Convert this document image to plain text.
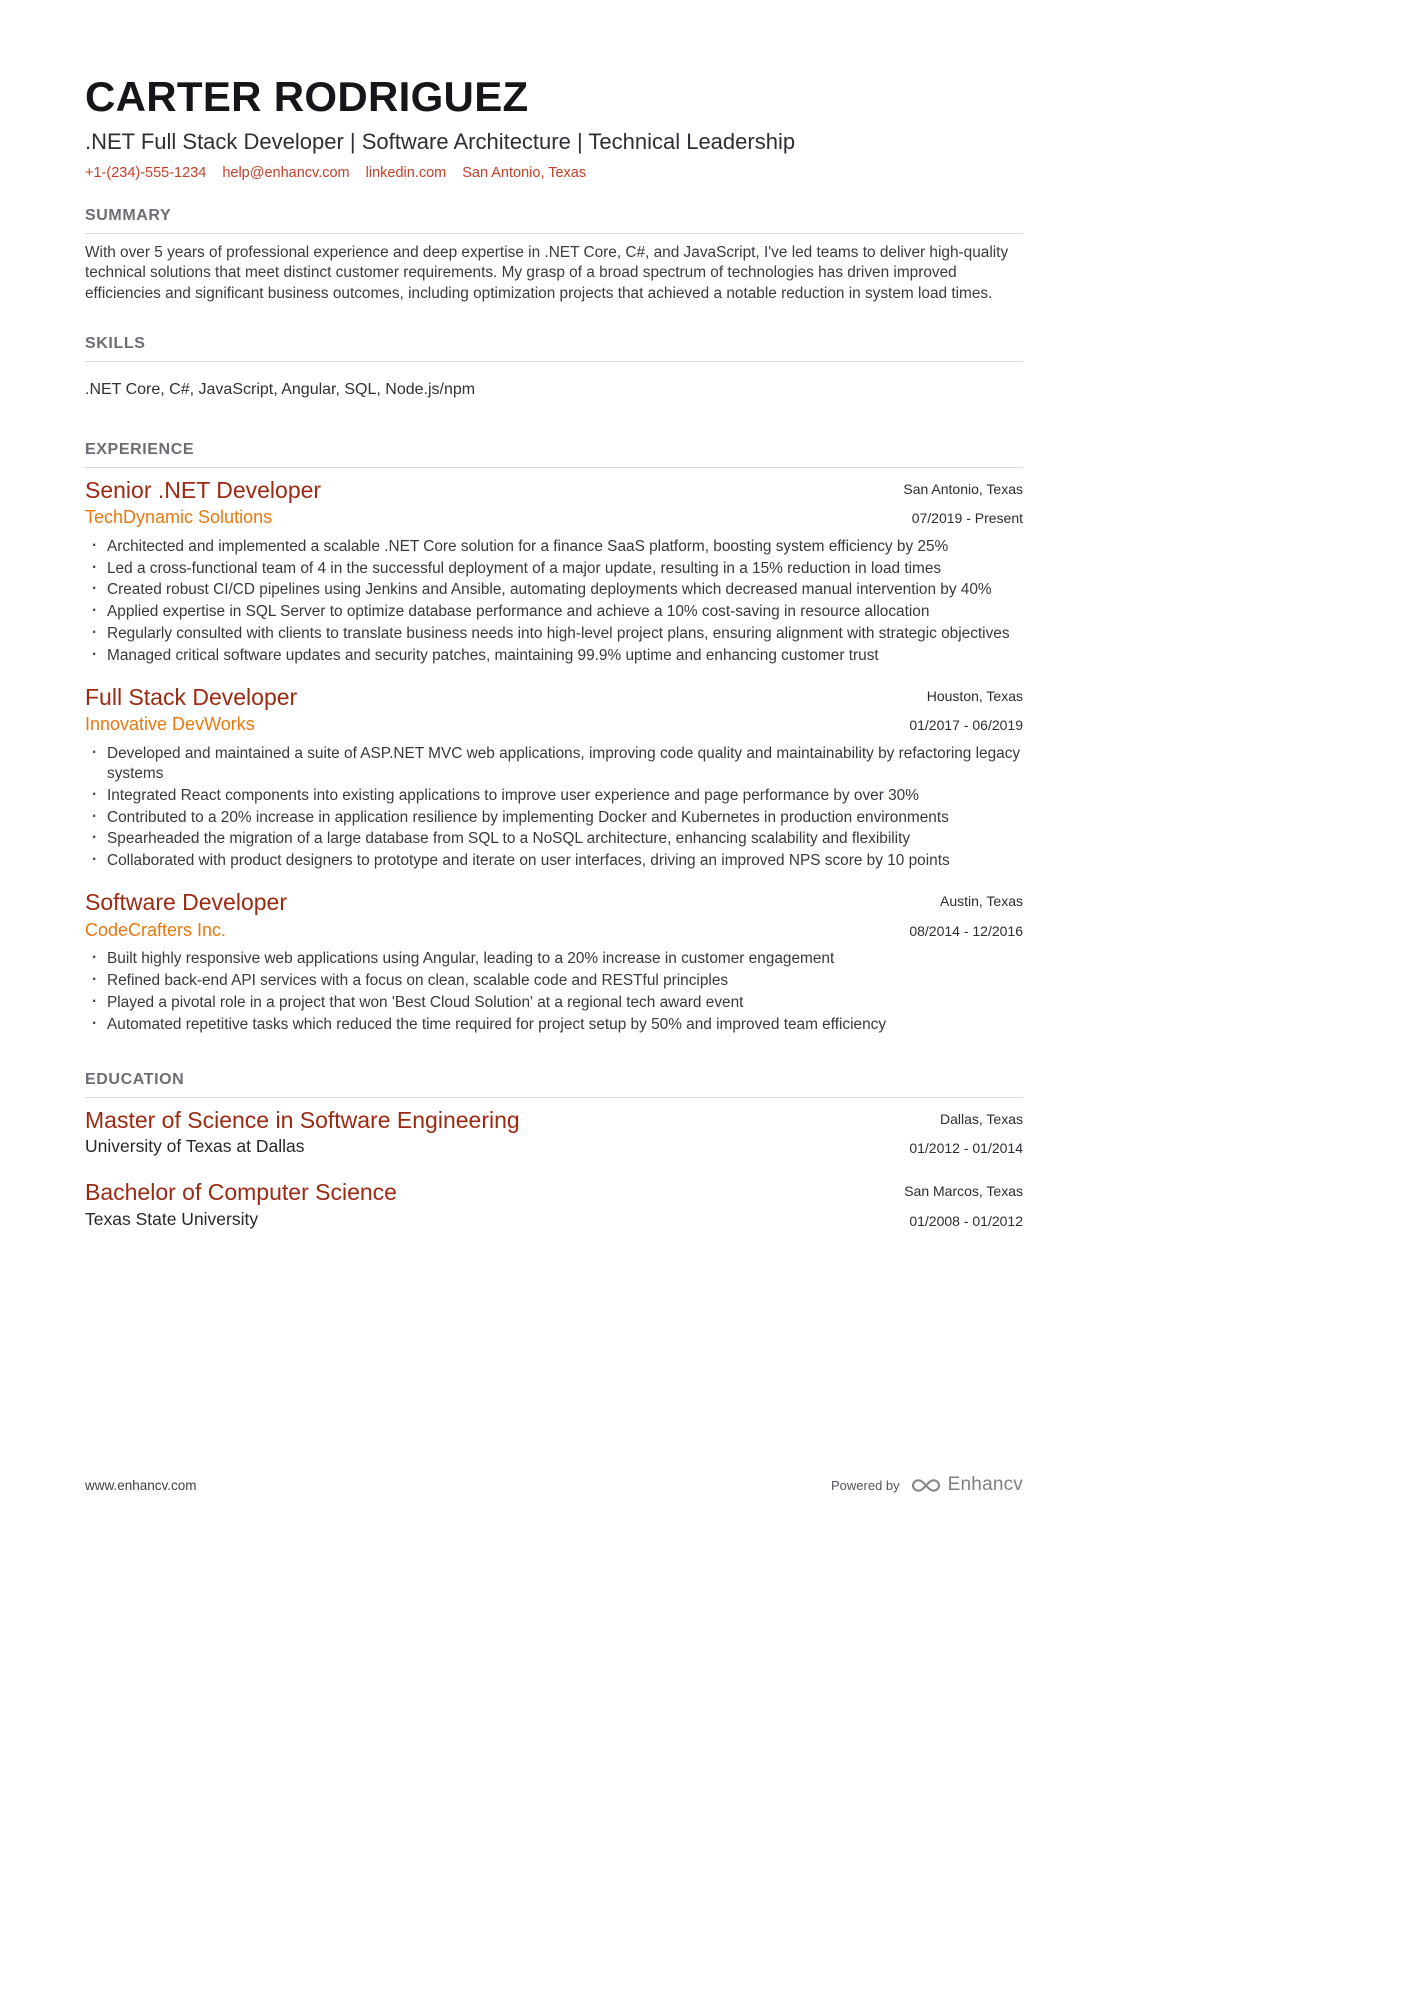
CARTER RODRIGUEZ

.NET Full Stack Developer | Software Architecture | Technical Leadership

+1-(234)-555-1234 help@enhancv.com linkedin.com San Antonio, Texas
SUMMARY

With over 5 years of professional experience and deep expertise in .NET Core, C#, and JavaScript, I've led teams to deliver high-quality technical solutions that meet distinct customer requirements. My grasp of a broad spectrum of technologies has driven improved efficiencies and significant business outcomes, including optimization projects that achieved a notable reduction in system load times.

SKILLS

.NET Core, C#, JavaScript, Angular, SQL, Node.js/npm

EXPERIENCE
Senior .NET Developer	San Antonio, Texas
TechDynamic Solutions	07/2019 - Present
· Architected and implemented a scalable .NET Core solution for a finance SaaS platform, boosting system efficiency by 25%
· Led a cross-functional team of 4 in the successful deployment of a major update, resulting in a 15% reduction in load times
· Created robust CI/CD pipelines using Jenkins and Ansible, automating deployments which decreased manual intervention by 40%
· Applied expertise in SQL Server to optimize database performance and achieve a 10% cost-saving in resource allocation
· Regularly consulted with clients to translate business needs into high-level project plans, ensuring alignment with strategic objectives
· Managed critical software updates and security patches, maintaining 99.9% uptime and enhancing customer trust
Full Stack Developer	Houston, Texas
Innovative DevWorks	01/2017 - 06/2019
· Developed and maintained a suite of ASP.NET MVC web applications, improving code quality and maintainability by refactoring legacy systems
· Integrated React components into existing applications to improve user experience and page performance by over 30%
· Contributed to a 20% increase in application resilience by implementing Docker and Kubernetes in production environments
· Spearheaded the migration of a large database from SQL to a NoSQL architecture, enhancing scalability and flexibility
· Collaborated with product designers to prototype and iterate on user interfaces, driving an improved NPS score by 10 points
Software Developer	Austin, Texas
CodeCrafters Inc.	08/2014 - 12/2016
· Built highly responsive web applications using Angular, leading to a 20% increase in customer engagement
· Refined back-end API services with a focus on clean, scalable code and RESTful principles
· Played a pivotal role in a project that won 'Best Cloud Solution' at a regional tech award event
· Automated repetitive tasks which reduced the time required for project setup by 50% and improved team efficiency
EDUCATION
Master of Science in Software Engineering	Dallas, Texas
University of Texas at Dallas	01/2012 - 01/2014
Bachelor of Computer Science	San Marcos, Texas
Texas State University	01/2008 - 01/2012
www.enhancv.com	Powered by	Enhancv
